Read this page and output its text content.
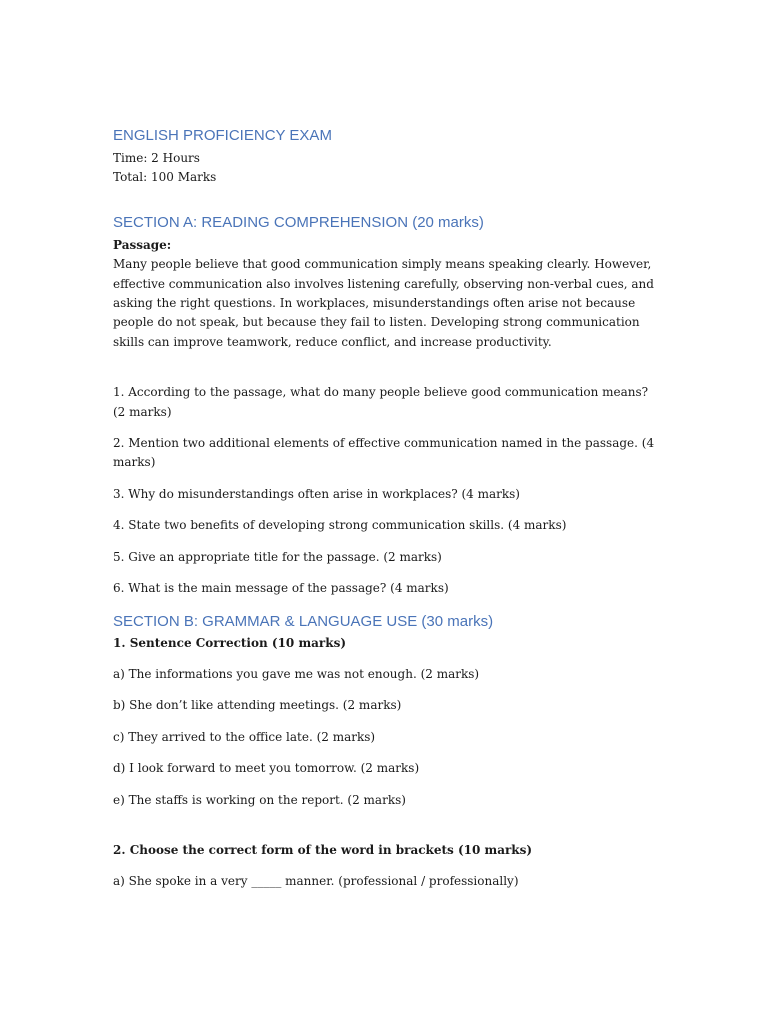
ENGLISH PROFICIENCY EXAM

Time: 2 Hours

Total: 100 Marks

SECTION A: READING COMPREHENSION (20 marks)

Passage:

Many people believe that good communication simply means speaking clearly. However, effective communication also involves listening carefully, observing non-verbal cues, and asking the right questions. In workplaces, misunderstandings often arise not because people do not speak, but because they fail to listen. Developing strong communication skills can improve teamwork, reduce conflict, and increase productivity.

1. According to the passage, what do many people believe good communication means? (2 marks)

2. Mention two additional elements of effective communication named in the passage. (4 marks)

3. Why do misunderstandings often arise in workplaces? (4 marks)

4. State two benefits of developing strong communication skills. (4 marks)

5. Give an appropriate title for the passage. (2 marks)

6. What is the main message of the passage? (4 marks)

SECTION B: GRAMMAR & LANGUAGE USE (30 marks)

1. Sentence Correction (10 marks)

a) The informations you gave me was not enough. (2 marks)

b) She don’t like attending meetings. (2 marks)

c) They arrived to the office late. (2 marks)

d) I look forward to meet you tomorrow. (2 marks)

e) The staffs is working on the report. (2 marks)

2. Choose the correct form of the word in brackets (10 marks)

a) She spoke in a very _____ manner. (professional / professionally)
